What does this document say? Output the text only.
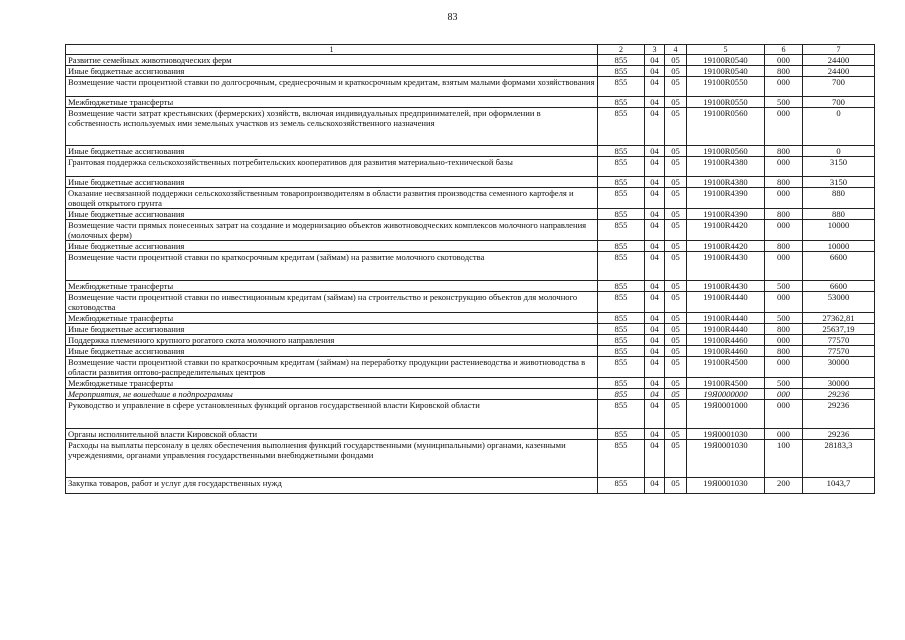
83
1	2	3	4	5	6	7
Развитие семейных животноводческих ферм	855	04	05	19100R0540	000	24400
Иные бюджетные ассигнования	855	04	05	19100R0540	800	24400
Возмещение части процентной ставки по долгосрочным, среднесрочным и краткосрочным кредитам, взятым малыми формами хозяйствования	855	04	05	19100R0550	000	700
Межбюджетные трансферты	855	04	05	19100R0550	500	700
Возмещение части затрат крестьянских (фермерских) хозяйств, включая индивидуальных предпринимателей, при оформлении в собственность используемых ими земельных участков из земель сельскохозяйственного назначения	855	04	05	19100R0560	000	0
Иные бюджетные ассигнования	855	04	05	19100R0560	800	0
Грантовая поддержка сельскохозяйственных потребительских кооперативов для развития материально-технической базы	855	04	05	19100R4380	000	3150
Иные бюджетные ассигнования	855	04	05	19100R4380	800	3150
Оказание несвязанной поддержки сельскохозяйственным товаропроизводителям в области развития производства семенного картофеля и овощей открытого грунта	855	04	05	19100R4390	000	880
Иные бюджетные ассигнования	855	04	05	19100R4390	800	880
Возмещение части прямых понесенных затрат на создание и модернизацию объектов животноводческих комплексов молочного направления (молочных ферм)	855	04	05	19100R4420	000	10000
Иные бюджетные ассигнования	855	04	05	19100R4420	800	10000
Возмещение части процентной ставки по краткосрочным кредитам (займам) на развитие молочного скотоводства	855	04	05	19100R4430	000	6600
Межбюджетные трансферты	855	04	05	19100R4430	500	6600
Возмещение части процентной ставки по инвестиционным кредитам (займам) на строительство и реконструкцию объектов для молочного скотоводства	855	04	05	19100R4440	000	53000
Межбюджетные трансферты	855	04	05	19100R4440	500	27362,81
Иные бюджетные ассигнования	855	04	05	19100R4440	800	25637,19
Поддержка племенного крупного рогатого скота молочного направления	855	04	05	19100R4460	000	77570
Иные бюджетные ассигнования	855	04	05	19100R4460	800	77570
Возмещение части процентной ставки по краткосрочным кредитам (займам) на переработку продукции растениеводства и животноводства в области развития оптово-распределительных центров	855	04	05	19100R4500	000	30000
Межбюджетные трансферты	855	04	05	19100R4500	500	30000
Мероприятия, не вошедшие в подпрограммы	855	04	05	19Я0000000	000	29236
Руководство и управление в сфере установленных функций органов государственной власти Кировской области	855	04	05	19Я0001000	000	29236
Органы исполнительной власти Кировской области	855	04	05	19Я0001030	000	29236
Расходы на выплаты персоналу в целях обеспечения выполнения функций государственными (муниципальными) органами, казенными учреждениями, органами управления государственными внебюджетными фондами	855	04	05	19Я0001030	100	28183,3
Закупка товаров, работ и услуг для государственных нужд	855	04	05	19Я0001030	200	1043,7
